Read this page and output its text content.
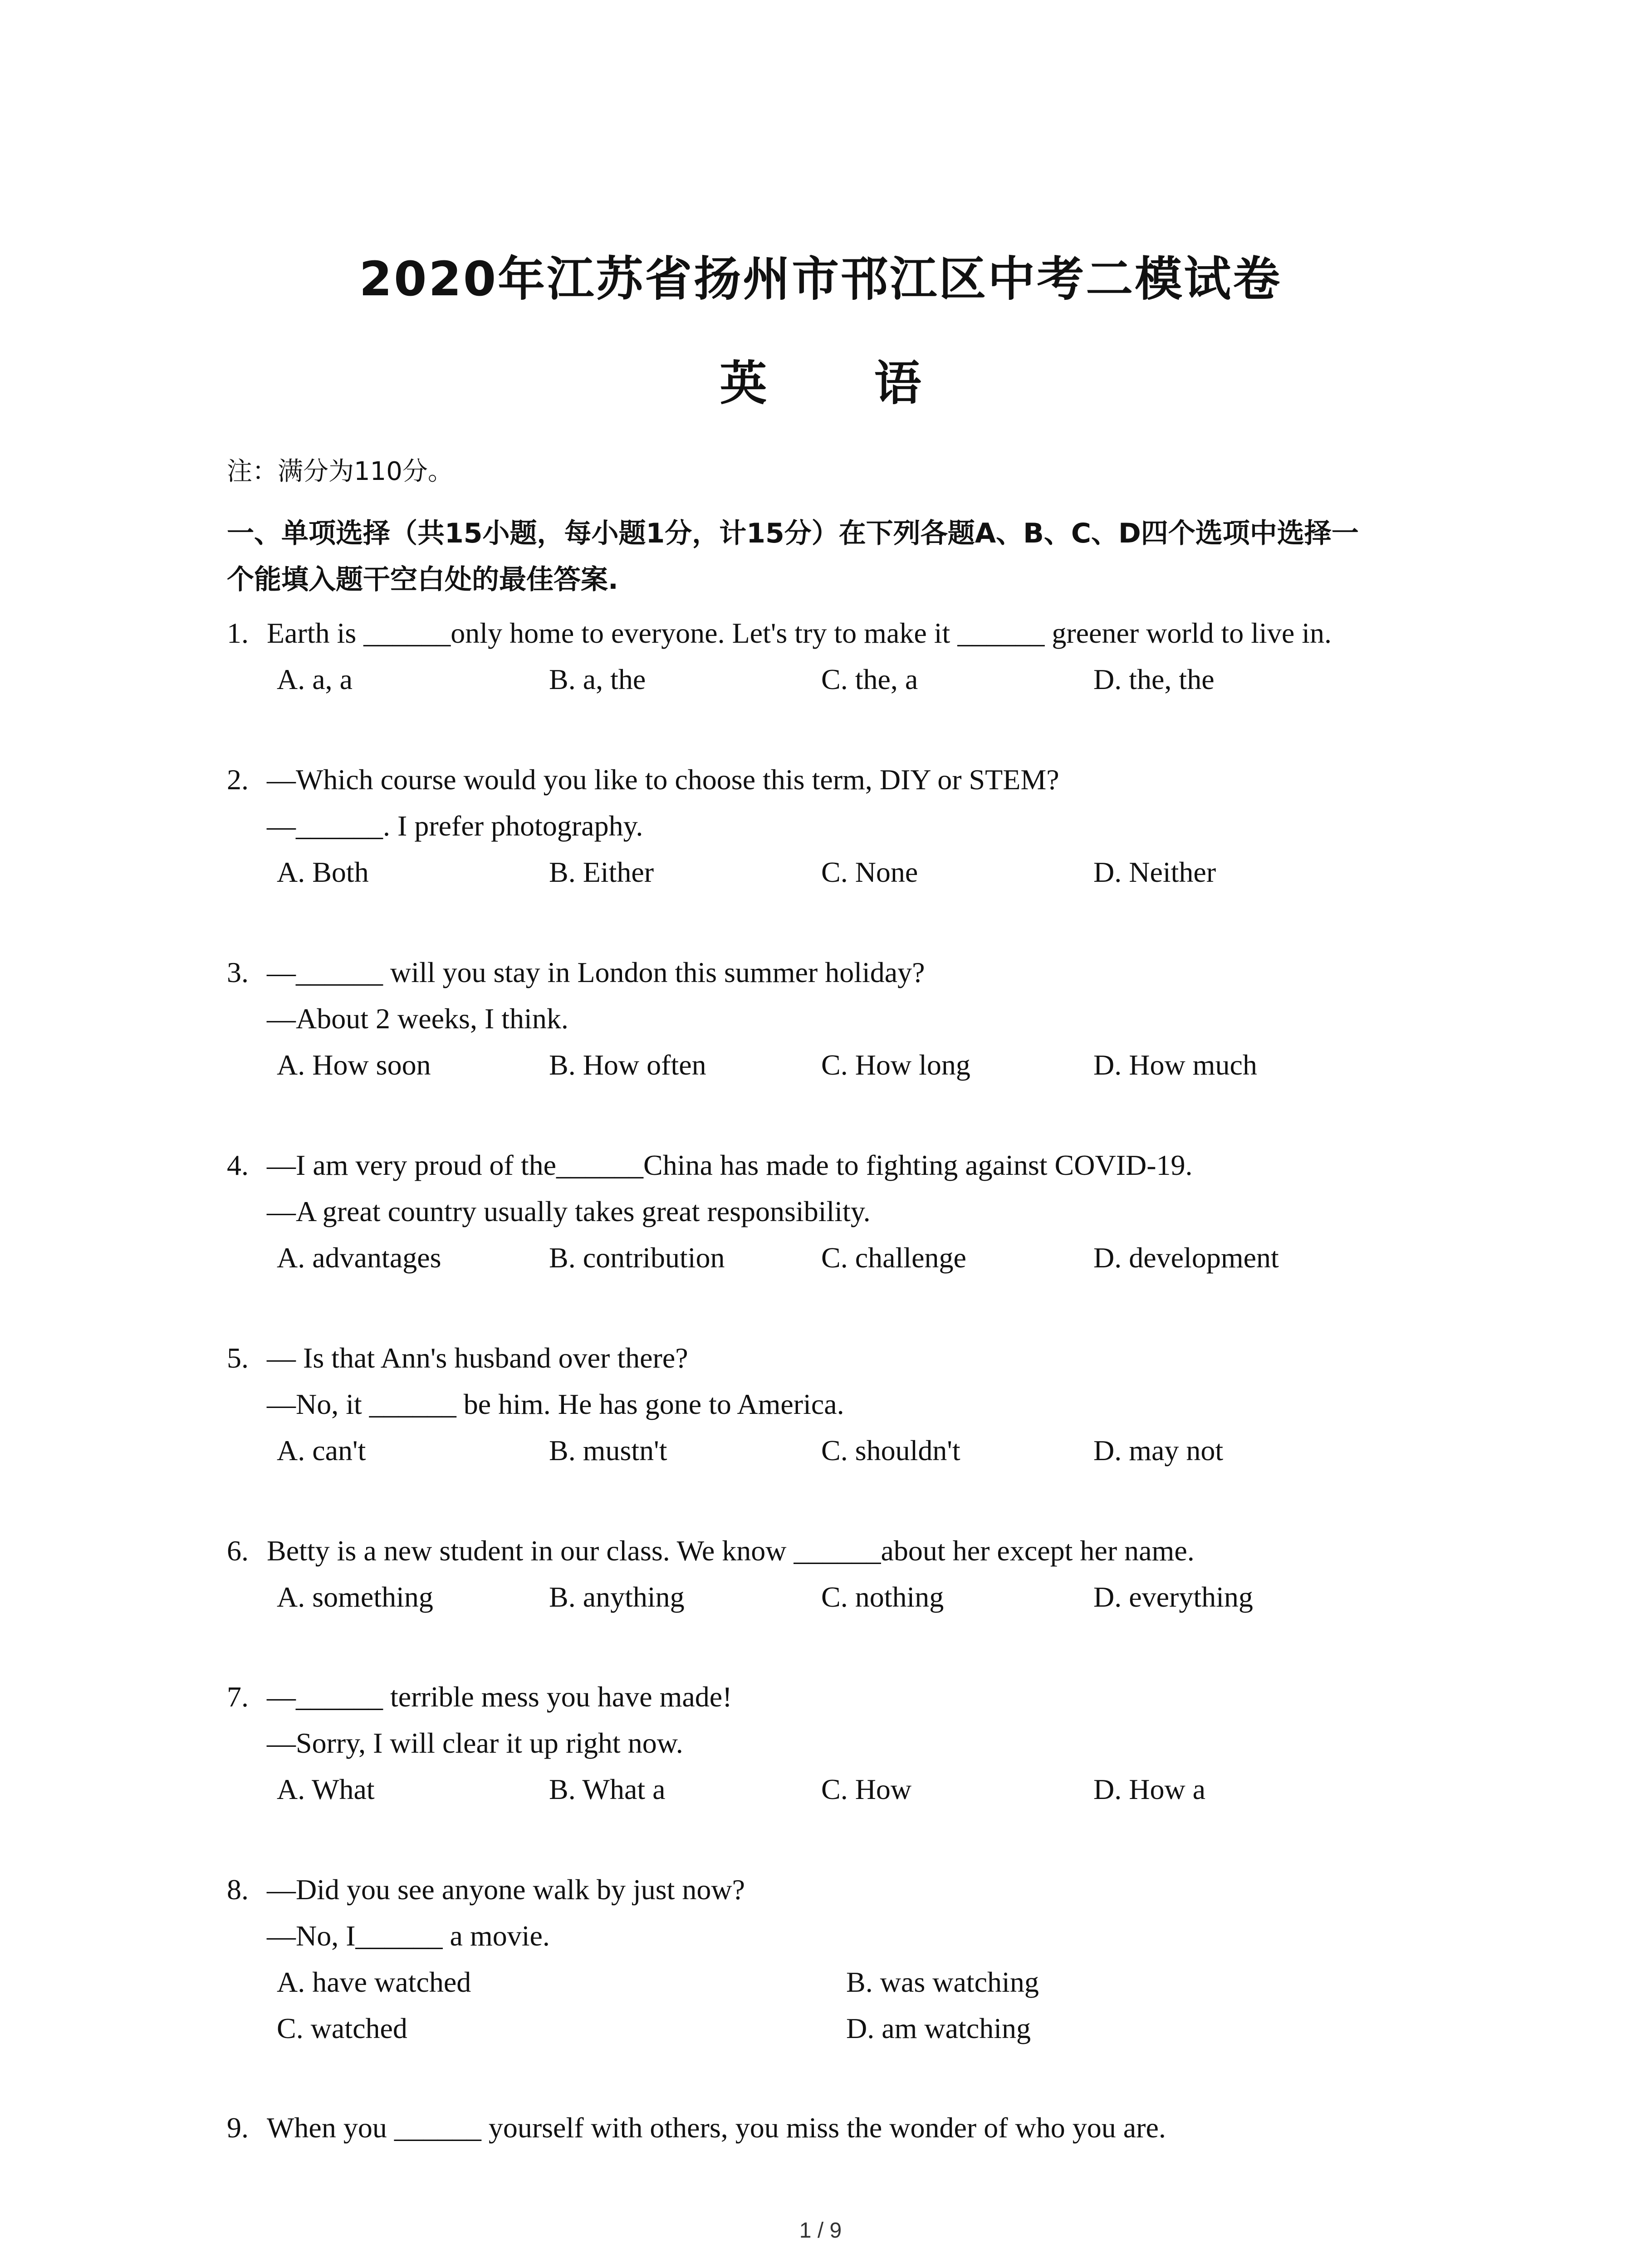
2020年江苏省扬州市邗江区中考二模试卷
英 语
注：满分为110分。
一、单项选择（共15小题，每小题1分，计15分）在下列各题A、B、C、D四个选项中选择一
个能填入题干空白处的最佳答案.
1. Earth is ______only home to everyone. Let's try to make it ______ greener world to live in.
A. a, a	B. a, the	C. the, a	D. the, the
2. —Which course would you like to choose this term, DIY or STEM?
—______. I prefer photography.
A. Both	B. Either	C. None	D. Neither
3. —______ will you stay in London this summer holiday?
—About 2 weeks, I think.
A. How soon	B. How often	C. How long	D. How much
4. —I am very proud of the______China has made to fighting against COVID-19.
—A great country usually takes great responsibility.
A. advantages	B. contribution	C. challenge	D. development
5. — Is that Ann's husband over there?
—No, it ______ be him. He has gone to America.
A. can't	B. mustn't	C. shouldn't	D. may not
6. Betty is a new student in our class. We know ______about her except her name.
A. something	B. anything	C. nothing	D. everything
7. —______ terrible mess you have made!
—Sorry, I will clear it up right now.
A. What	B. What a	C. How	D. How a
8. —Did you see anyone walk by just now?
—No, I______ a movie.
A. have watched	B. was watching
C. watched	D. am watching
9. When you ______ yourself with others, you miss the wonder of who you are.
1 / 9
